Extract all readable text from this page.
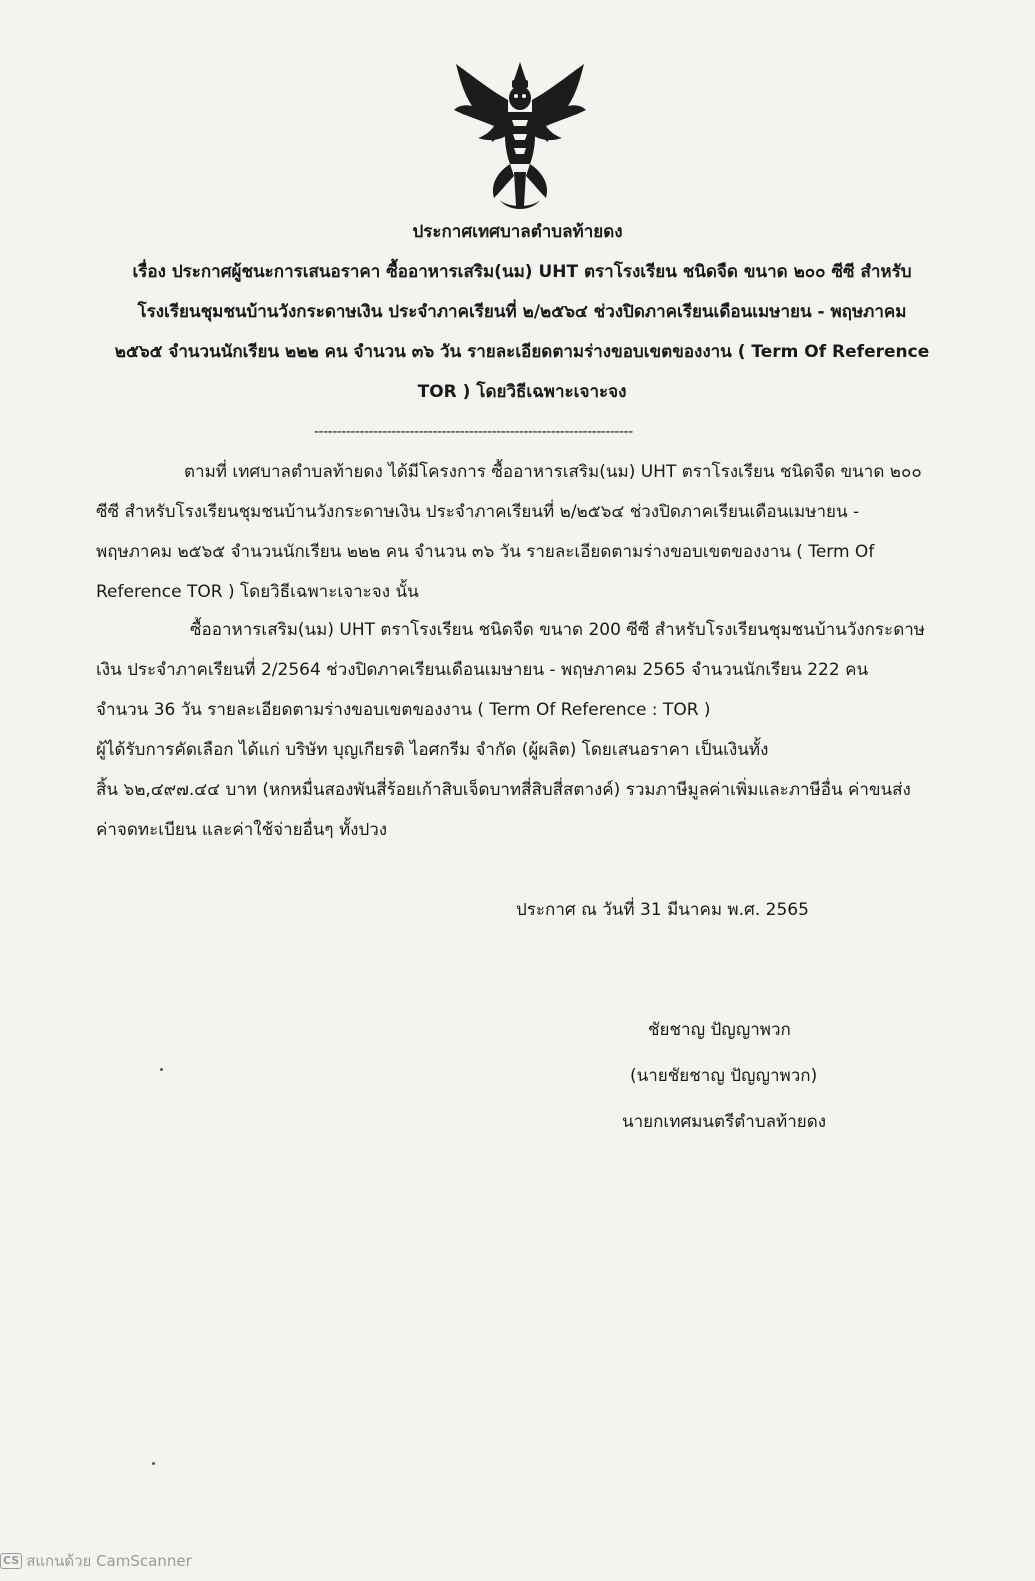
ประกาศเทศบาลตำบลท้ายดง

เรื่อง ประกาศผู้ชนะการเสนอราคา ซื้ออาหารเสริม(นม) UHT ตราโรงเรียน ชนิดจืด ขนาด ๒๐๐ ซีซี สำหรับ
โรงเรียนชุมชนบ้านวังกระดาษเงิน ประจำภาคเรียนที่ ๒/๒๕๖๔ ช่วงปิดภาคเรียนเดือนเมษายน - พฤษภาคม
๒๕๖๕ จำนวนนักเรียน ๒๒๒ คน จำนวน ๓๖ วัน รายละเอียดตามร่างขอบเขตของงาน ( Term Of Reference
TOR ) โดยวิธีเฉพาะเจาะจง

----------------------------------------------------------------------

ตามที่ เทศบาลตำบลท้ายดง ได้มีโครงการ ซื้ออาหารเสริม(นม) UHT ตราโรงเรียน ชนิดจืด ขนาด ๒๐๐
ซีซี สำหรับโรงเรียนชุมชนบ้านวังกระดาษเงิน ประจำภาคเรียนที่ ๒/๒๕๖๔ ช่วงปิดภาคเรียนเดือนเมษายน -
พฤษภาคม ๒๕๖๕ จำนวนนักเรียน ๒๒๒ คน จำนวน ๓๖ วัน รายละเอียดตามร่างขอบเขตของงาน ( Term Of
Reference TOR ) โดยวิธีเฉพาะเจาะจง นั้น

ซื้ออาหารเสริม(นม) UHT ตราโรงเรียน ชนิดจืด ขนาด 200 ซีซี สำหรับโรงเรียนชุมชนบ้านวังกระดาษ
เงิน ประจำภาคเรียนที่ 2/2564 ช่วงปิดภาคเรียนเดือนเมษายน - พฤษภาคม 2565 จำนวนนักเรียน 222 คน
จำนวน 36 วัน รายละเอียดตามร่างขอบเขตของงาน ( Term Of Reference : TOR )
ผู้ได้รับการคัดเลือก ได้แก่ บริษัท บุญเกียรติ ไอศกรีม จำกัด (ผู้ผลิต) โดยเสนอราคา เป็นเงินทั้ง
สิ้น ๖๒,๔๙๗.๔๔ บาท (หกหมื่นสองพันสี่ร้อยเก้าสิบเจ็ดบาทสี่สิบสี่สตางค์) รวมภาษีมูลค่าเพิ่มและภาษีอื่น ค่าขนส่ง
ค่าจดทะเบียน และค่าใช้จ่ายอื่นๆ ทั้งปวง

ประกาศ ณ วันที่ 31 มีนาคม พ.ศ. 2565
ชัยชาญ ปัญญาพวก
(นายชัยชาญ ปัญญาพวก)
นายกเทศมนตรีตำบลท้ายดง
CS สแกนด้วย CamScanner
